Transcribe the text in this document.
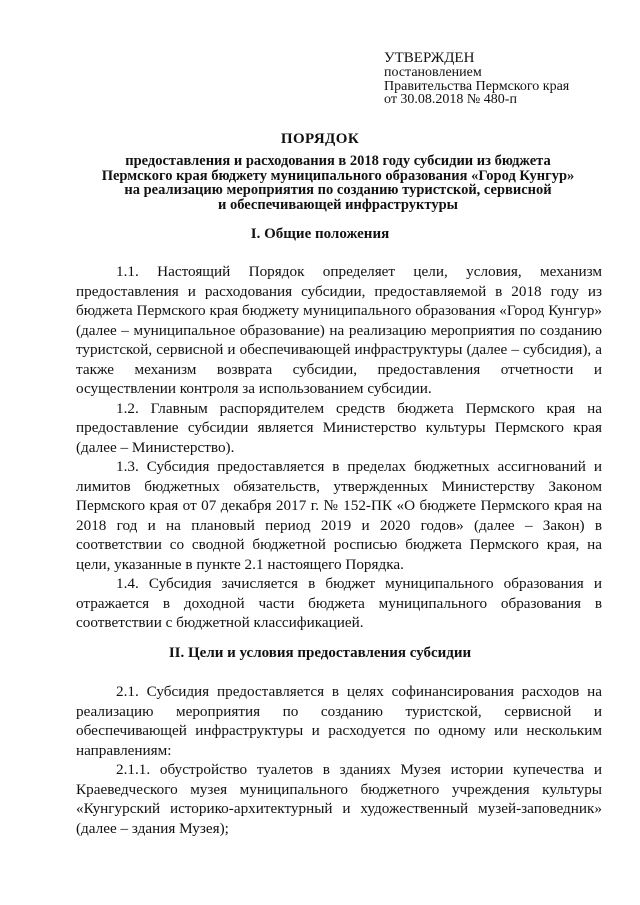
УТВЕРЖДЕН
постановлением
Правительства Пермского края
от 30.08.2018 № 480-п
ПОРЯДОК
предоставления и расходования в 2018 году субсидии из бюджета
Пермского края бюджету муниципального образования «Город Кунгур»
на реализацию мероприятия по созданию туристской, сервисной
и обеспечивающей инфраструктуры
I. Общие положения

1.1. Настоящий Порядок определяет цели, условия, механизм предоставления и расходования субсидии, предоставляемой в 2018 году из бюджета Пермского края бюджету муниципального образования «Город Кунгур» (далее – муниципальное образование) на реализацию мероприятия по созданию туристской, сервисной и обеспечивающей инфраструктуры (далее – субсидия), а также механизм возврата субсидии, предоставления отчетности и осуществлении контроля за использованием субсидии.

1.2. Главным распорядителем средств бюджета Пермского края на предоставление субсидии является Министерство культуры Пермского края (далее – Министерство).

1.3. Субсидия предоставляется в пределах бюджетных ассигнований и лимитов бюджетных обязательств, утвержденных Министерству Законом Пермского края от 07 декабря 2017 г. № 152-ПК «О бюджете Пермского края на 2018 год и на плановый период 2019 и 2020 годов» (далее – Закон) в соответствии со сводной бюджетной росписью бюджета Пермского края, на цели, указанные в пункте 2.1 настоящего Порядка.

1.4. Субсидия зачисляется в бюджет муниципального образования и отражается в доходной части бюджета муниципального образования в соответствии с бюджетной классификацией.

II. Цели и условия предоставления субсидии

2.1. Субсидия предоставляется в целях софинансирования расходов на реализацию мероприятия по созданию туристской, сервисной и обеспечивающей инфраструктуры и расходуется по одному или нескольким направлениям:

2.1.1. обустройство туалетов в зданиях Музея истории купечества и Краеведческого музея муниципального бюджетного учреждения культуры «Кунгурский историко-архитектурный и художественный музей-заповедник» (далее – здания Музея);
